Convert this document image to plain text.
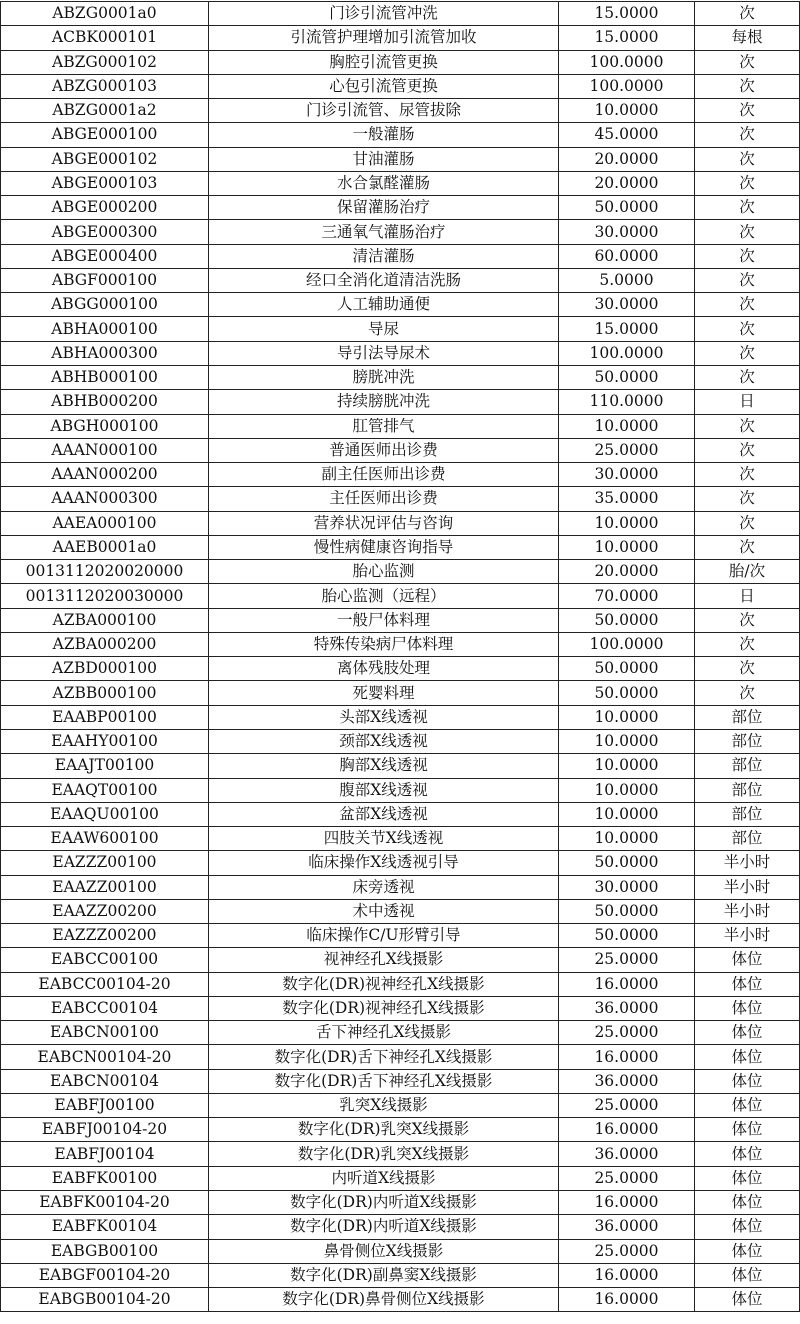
ABZG0001a0	门诊引流管冲洗	15.0000	次
ACBK000101	引流管护理增加引流管加收	15.0000	每根
ABZG000102	胸腔引流管更换	100.0000	次
ABZG000103	心包引流管更换	100.0000	次
ABZG0001a2	门诊引流管、尿管拔除	10.0000	次
ABGE000100	一般灌肠	45.0000	次
ABGE000102	甘油灌肠	20.0000	次
ABGE000103	水合氯醛灌肠	20.0000	次
ABGE000200	保留灌肠治疗	50.0000	次
ABGE000300	三通氧气灌肠治疗	30.0000	次
ABGE000400	清洁灌肠	60.0000	次
ABGF000100	经口全消化道清洁洗肠	5.0000	次
ABGG000100	人工辅助通便	30.0000	次
ABHA000100	导尿	15.0000	次
ABHA000300	导引法导尿术	100.0000	次
ABHB000100	膀胱冲洗	50.0000	次
ABHB000200	持续膀胱冲洗	110.0000	日
ABGH000100	肛管排气	10.0000	次
AAAN000100	普通医师出诊费	25.0000	次
AAAN000200	副主任医师出诊费	30.0000	次
AAAN000300	主任医师出诊费	35.0000	次
AAEA000100	营养状况评估与咨询	10.0000	次
AAEB0001a0	慢性病健康咨询指导	10.0000	次
0013112020020000	胎心监测	20.0000	胎/次
0013112020030000	胎心监测（远程）	70.0000	日
AZBA000100	一般尸体料理	50.0000	次
AZBA000200	特殊传染病尸体料理	100.0000	次
AZBD000100	离体残肢处理	50.0000	次
AZBB000100	死婴料理	50.0000	次
EAABP00100	头部X线透视	10.0000	部位
EAAHY00100	颈部X线透视	10.0000	部位
EAAJT00100	胸部X线透视	10.0000	部位
EAAQT00100	腹部X线透视	10.0000	部位
EAAQU00100	盆部X线透视	10.0000	部位
EAAW600100	四肢关节X线透视	10.0000	部位
EAZZZ00100	临床操作X线透视引导	50.0000	半小时
EAAZZ00100	床旁透视	30.0000	半小时
EAAZZ00200	术中透视	50.0000	半小时
EAZZZ00200	临床操作C/U形臂引导	50.0000	半小时
EABCC00100	视神经孔X线摄影	25.0000	体位
EABCC00104-20	数字化(DR)视神经孔X线摄影	16.0000	体位
EABCC00104	数字化(DR)视神经孔X线摄影	36.0000	体位
EABCN00100	舌下神经孔X线摄影	25.0000	体位
EABCN00104-20	数字化(DR)舌下神经孔X线摄影	16.0000	体位
EABCN00104	数字化(DR)舌下神经孔X线摄影	36.0000	体位
EABFJ00100	乳突X线摄影	25.0000	体位
EABFJ00104-20	数字化(DR)乳突X线摄影	16.0000	体位
EABFJ00104	数字化(DR)乳突X线摄影	36.0000	体位
EABFK00100	内听道X线摄影	25.0000	体位
EABFK00104-20	数字化(DR)内听道X线摄影	16.0000	体位
EABFK00104	数字化(DR)内听道X线摄影	36.0000	体位
EABGB00100	鼻骨侧位X线摄影	25.0000	体位
EABGF00104-20	数字化(DR)副鼻窦X线摄影	16.0000	体位
EABGB00104-20	数字化(DR)鼻骨侧位X线摄影	16.0000	体位
